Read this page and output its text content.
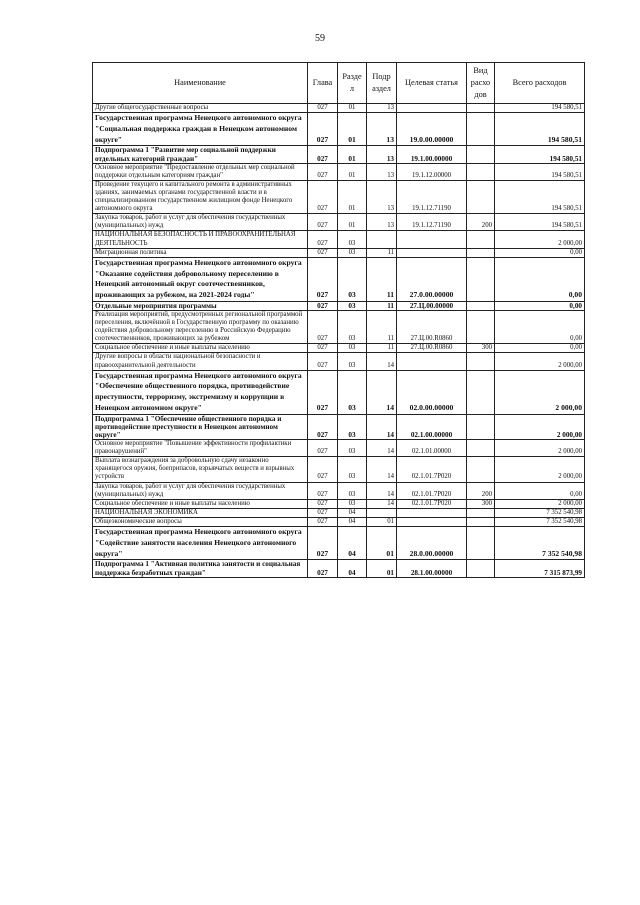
59
Наименование	Глава	Разде л	Подр аздел	Целевая статья	Вид расхо дов	Всего расходов
Другие общегосударственные вопросы	027	01	13			194 580,51
Государственная программа Ненецкого автономного округа "Социальная поддержка граждан в Ненецком автономном округе"	027	01	13	19.0.00.00000		194 580,51
Подпрограмма 1 "Развитие мер социальной поддержки отдельных категорий граждан"	027	01	13	19.1.00.00000		194 580,51
Основное мероприятие "Предоставление отдельных мер социальной поддержки отдельным категориям граждан"	027	01	13	19.1.12.00000		194 580,51
Проведение текущего и капитального ремонта в административных зданиях, занимаемых органами государственной власти и в специализированном государственном жилищном фонде Ненецкого автономного округа	027	01	13	19.1.12.71190		194 580,51
Закупка товаров, работ и услуг для обеспечения государственных (муниципальных) нужд	027	01	13	19.1.12.71190	200	194 580,51
НАЦИОНАЛЬНАЯ БЕЗОПАСНОСТЬ И ПРАВООХРАНИТЕЛЬНАЯ ДЕЯТЕЛЬНОСТЬ	027	03				2 000,00
Миграционная политика	027	03	11			0,00
Государственная программа Ненецкого автономного округа "Оказание содействия добровольному переселению в Ненецкий автономный округ соотечественников, проживающих за рубежом, на 2021-2024 годы"	027	03	11	27.0.00.00000		0,00
Отдельные мероприятия программы	027	03	11	27.Ц.00.00000		0,00
Реализация мероприятий, предусмотренных региональной программой переселения, включённой в Государственную программу по оказанию содействия добровольному переселению в Российскую Федерацию соотечественников, проживающих за рубежом	027	03	11	27.Ц.00.R0860		0,00
Социальное обеспечение и иные выплаты населению	027	03	11	27.Ц.00.R0860	300	0,00
Другие вопросы в области национальной безопасности и правоохранительной деятельности	027	03	14			2 000,00
Государственная программа Ненецкого автономного округа "Обеспечение общественного порядка, противодействие преступности, терроризму, экстремизму и коррупции в Ненецком автономном округе"	027	03	14	02.0.00.00000		2 000,00
Подпрограмма 1 "Обеспечение общественного порядка и противодействие преступности в Ненецком автономном округе"	027	03	14	02.1.00.00000		2 000,00
Основное мероприятие "Повышение эффективности профилактики правонарушений"	027	03	14	02.1.01.00000		2 000,00
Выплата вознаграждения за добровольную сдачу незаконно хранящегося оружия, боеприпасов, взрывчатых веществ и взрывных устройств	027	03	14	02.1.01.7Р020		2 000,00
Закупка товаров, работ и услуг для обеспечения государственных (муниципальных) нужд	027	03	14	02.1.01.7Р020	200	0,00
Социальное обеспечение и иные выплаты населению	027	03	14	02.1.01.7Р020	300	2 000,00
НАЦИОНАЛЬНАЯ ЭКОНОМИКА	027	04				7 352 540,98
Общеэкономические вопросы	027	04	01			7 352 540,98
Государственная программа Ненецкого автономного округа "Содействие занятости населения Ненецкого автономного округа"	027	04	01	28.0.00.00000		7 352 540,98
Подпрограмма 1 "Активная политика занятости и социальная поддержка безработных граждан"	027	04	01	28.1.00.00000		7 315 873,99
